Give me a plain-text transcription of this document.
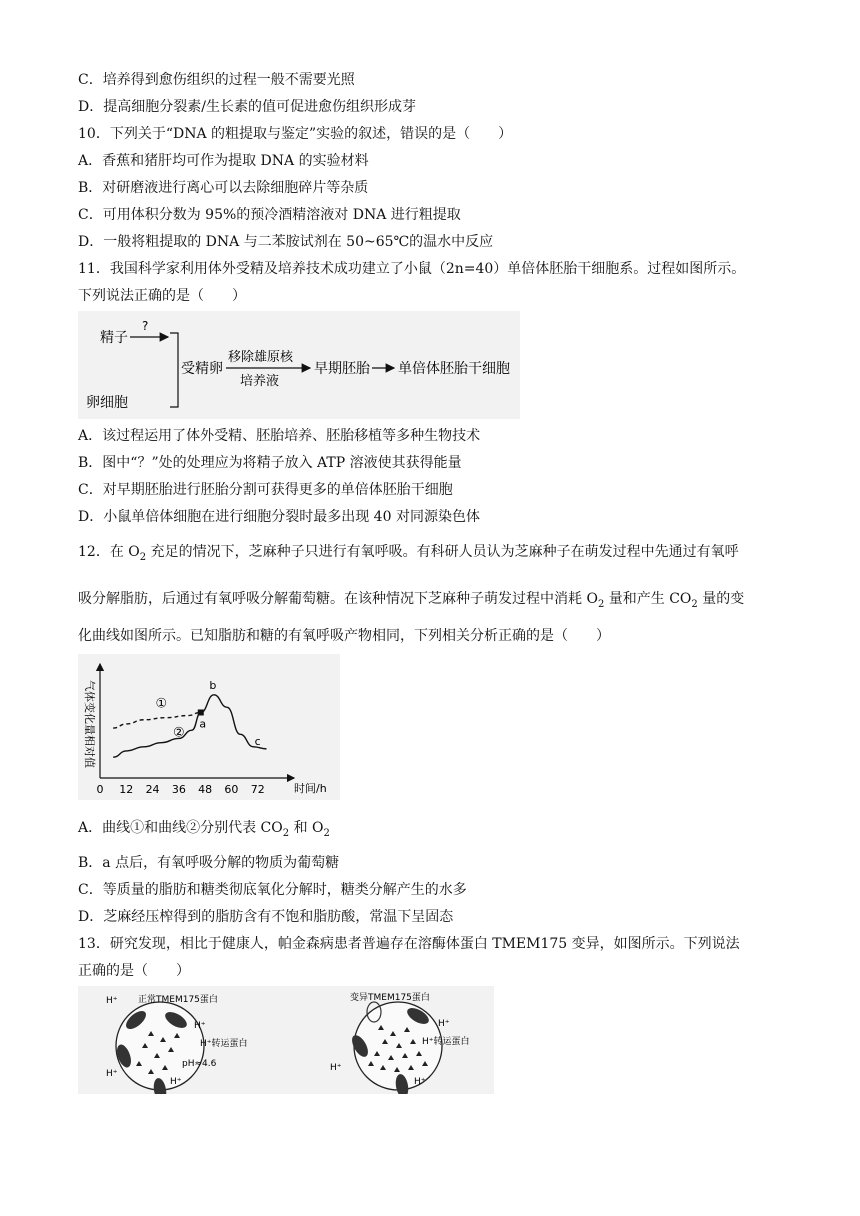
C．培养得到愈伤组织的过程一般不需要光照
D．提高细胞分裂素/生长素的值可促进愈伤组织形成芽
10．下列关于“DNA 的粗提取与鉴定”实验的叙述，错误的是（　　）
A．香蕉和猪肝均可作为提取 DNA 的实验材料
B．对研磨液进行离心可以去除细胞碎片等杂质
C．可用体积分数为 95%的预冷酒精溶液对 DNA 进行粗提取
D．一般将粗提取的 DNA 与二苯胺试剂在 50~65℃的温水中反应
11．我国科学家利用体外受精及培养技术成功建立了小鼠（2n=40）单倍体胚胎干细胞系。过程如图所示。
下列说法正确的是（　　）
精子
?
卵细胞
受精卵
移除雄原核
培养液
早期胚胎 单倍体胚胎干细胞
A．该过程运用了体外受精、胚胎培养、胚胎移植等多种生物技术
B．图中“？”处的处理应为将精子放入 ATP 溶液使其获得能量
C．对早期胚胎进行胚胎分割可获得更多的单倍体胚胎干细胞
D．小鼠单倍体细胞在进行细胞分裂时最多出现 40 对同源染色体
12．在 $O_2$ 充足的情况下，芝麻种子只进行有氧呼吸。有科研人员认为芝麻种子在萌发过程中先通过有氧呼
吸分解脂肪，后通过有氧呼吸分解葡萄糖。在该种情况下芝麻种子萌发过程中消耗 $O_2$ 量和产生 $CO_2$ 量的变
化曲线如图所示。已知脂肪和糖的有氧呼吸产物相同，下列相关分析正确的是（　　）
气体变化量相对值
时间/h
0 12 24 36 48 60 72
①
②
a
b
c
A．曲线①和曲线②分别代表 $CO_2$ 和 $O_2$
B．a 点后，有氧呼吸分解的物质为葡萄糖
C．等质量的脂肪和糖类彻底氧化分解时，糖类分解产生的水多
D．芝麻经压榨得到的脂肪含有不饱和脂肪酸，常温下呈固态
13．研究发现，相比于健康人，帕金森病患者普遍存在溶酶体蛋白 TMEM175 变异，如图所示。下列说法
正确的是（　　）
H⁺ 正常TMEM175蛋白
H⁺
H⁺转运蛋白
pH≈4.6
H⁺
H⁺
变异TMEM175蛋白
H⁺
H⁺转运蛋白
H⁺
H⁺
